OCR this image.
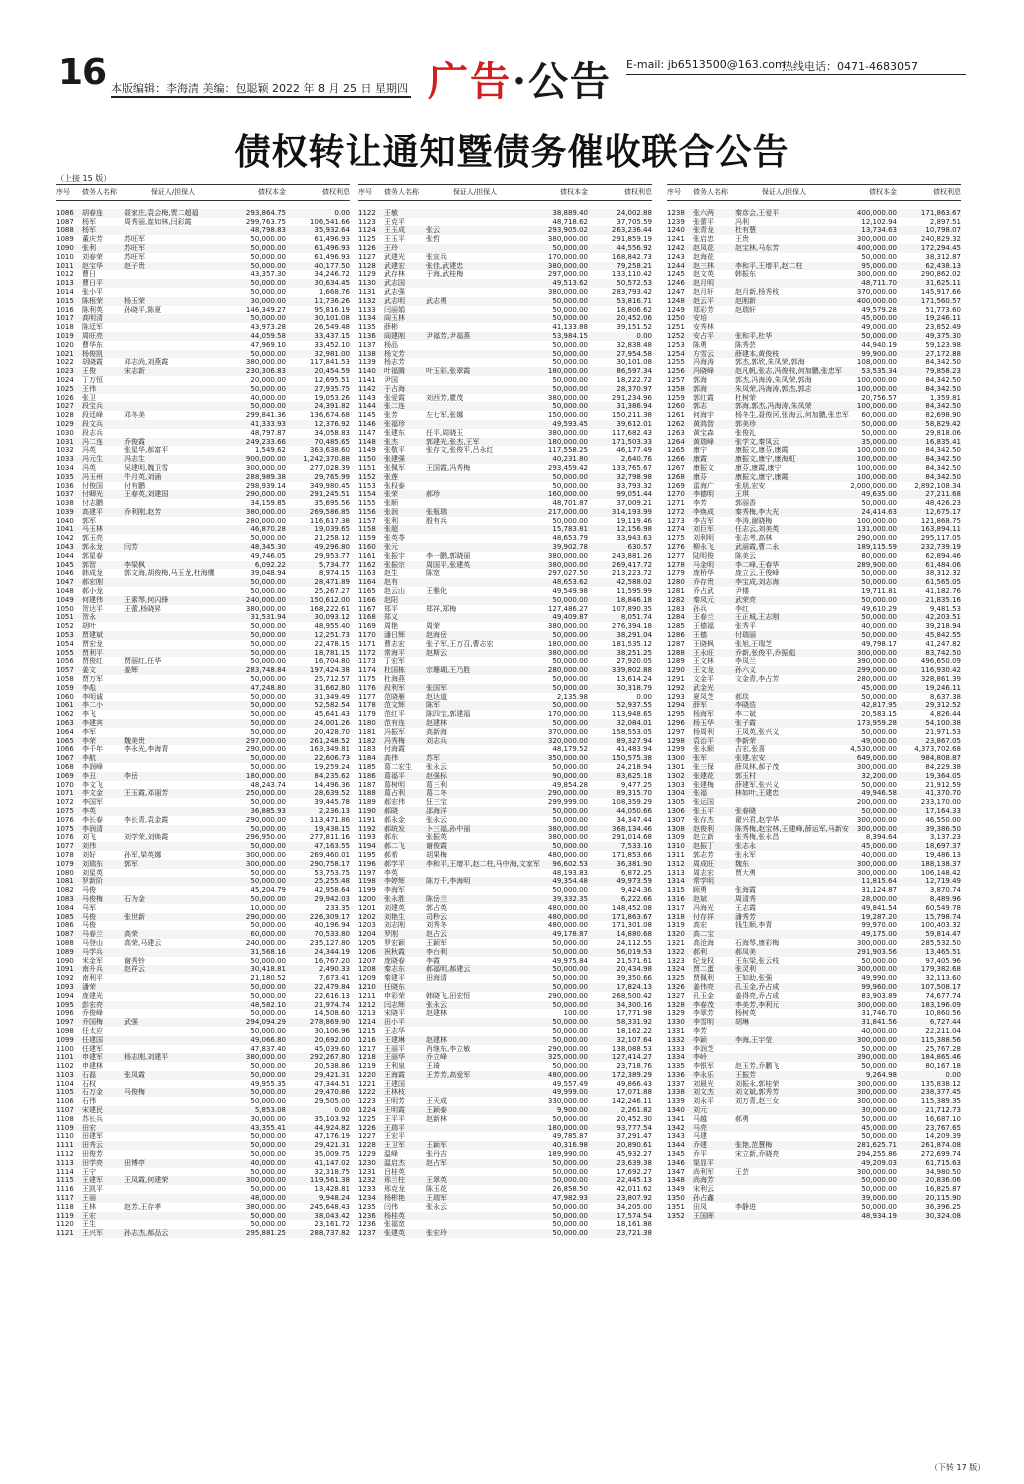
16 本版编辑：李海清 美编：包聪颖 2022 年 8 月 25 日 星期四 广告·公告 E-mail: jb6513500@163.com
热线电话：0471-4683057
债权转让通知暨债务催收联合公告
（上接 15 版）
序号	债务人名称	保证人/担保人	债权本金	债权利息
1086	胡春连	聂家庄,袁会梅,贾二超福	293,864.75	0.00
1087	杨军	周秀丽,崔如林,闫彩霞	299,763.75	106,541.66
1088	杨军	48,798.83	35,932.64
1089	董庆芳	苏旺军	50,000.00	61,496.93
1090	张利	苏旺军	50,000.00	61,496.93
1010	刘春荣	苏旺军	50,000.00	61,496.93
1011	赵宝华	赵子贵	50,000.00	40,177.50
1012	曹日	43,357.30	34,246.72
1013	曹日平	50,000.00	30,634.45
1014	张小平	50,000.00	1,668.76
1015	陈根荣	杨玉荣	30,000.00	11,736.26
1016	陈利英	孙晓平,陈夏	146,349.27	95,816.19
1017	高明清	50,000.00	30,101.08
1018	陈廷军	43,973.28	26,549.48
1019	周旺亮	44,059.58	33,437.15
1020	曹华东	47,969.10	33,452.10
1021	杨俊凯	50,000.00	32,981.00
1022	胡晓霞	邓志尚,刘燕霞	380,000.00	117,841.53
1023	王俊	宋志新	230,306.83	20,454.59
1024	丁万恒	20,000.00	12,695.51
1025	王伟	50,000.00	27,935.75
1026	张卫	40,000.00	19,053.26
1027	段宝兵	50,000.00	24,391.82
1028	段廷峰	邓冬美	299,841.36	136,674.68
1029	段文兵	41,333.93	12,376.92
1030	段志兵	48,797.87	34,058.83
1031	冯二连	乔俊霞	249,233.66	70,485.65
1032	冯英	张星华,郝富平	1,549.62	363,638.60
1033	冯元生	冯志生	900,000.00	1,242,370.88
1034	冯英	吴建明,魏卫雪	300,000.00	277,028.39
1035	冯玉州	牛月英,刘涌	288,989.38	29,765.99
1036	付俊国	付有鹏	298,939.14	349,980.45
1037	付卿光	王春英,刘建国	290,000.00	291,245.51
1038	付志鹏	34,159.85	35,695.56
1039	高建平	乔利刚,赵芳	380,000.00	269,586.85
1040	郭军	280,000.00	116,617.38
1041	马玉林	46,870.28	19,039.65
1042	郭玉亮	50,000.00	21,258.12
1043	郭永龙	闫芳	48,345.30	49,296.80
1044	郭星春	49,746.05	29,953.77
1045	郭智	李梁枫	6,092.22	5,734.77
1046	韩成龙	郭文海,胡俊梅,马玉龙,杜海鹰	39,048.94	8,974.15
1047	郝宏刚	50,000.00	28,471.89
1048	郝小龙	50,000.00	25,267.27
1049	何建伟	王素琴,何闪锋	240,000.00	150,612.00
1050	贺达平	王蕾,杨晓昇	380,000.00	168,222.61
1051	贺永	31,531.94	30,093.12
1052	胡叶	50,000.00	48,955.40
1053	贾建斌	50,000.00	12,251.73
1054	贾宏龙	50,000.00	22,478.15
1055	贾利平	50,000.00	18,781.15
1056	贾俊红	贾丽红,任华	50,000.00	16,704.80
1057	姜文	姜辉	283,748.84	197,424.38
1058	贾万军	50,000.00	25,712.57
1059	李彪	47,248.80	31,662.80
1060	李明诚	50,000.00	31,349.49
1061	李二小	50,000.00	52,582.54
1062	李飞	50,000.00	45,641.43
1063	李建宾	50,000.00	24,001.26
1064	李军	50,000.00	20,428.70
1065	李荣	魏美贵	297,000.00	261,248.52
1066	李千年	李永光,李海青	290,000.00	163,349.81
1067	李航	50,000.00	22,606.73
1068	李润峰	50,000.00	19,259.24
1069	李丑	李岳	180,000.00	84,235.62
1070	李文飞	48,243.74	14,496.36
1071	李文金	王玉霞,邓丽芳	250,000.00	28,639.52
1072	李国军	50,000.00	39,445.78
1075	李英	36,885.93	2,236.13
1076	李长春	李长青,袁金霞	290,000.00	113,471.86
1075	李润清	50,000.00	19,438.15
1076	刘飞	刘学荣,刘焕霞	296,950.00	277,811.16
1077	刘伟	50,000.00	47,163.55
1078	刘好	孙军,梁英娜	300,000.00	269,460.01
1079	刘瑞东	郭军	300,000.00	290,758.17
1080	刘星英	50,000.00	53,753.75
1081	罗新阶	50,000.00	25,255.48
1082	马俊	45,204.79	42,958.64
1083	马俊梅	石为金	50,000.00	29,942.03
1084	马军	10,000.00	233.35
1085	马俊	张世新	290,000.00	226,309.17
1086	马俊	50,000.00	40,196.94
1087	马春兰	高荣	60,000.00	70,533.80
1088	马登山	高荣,马建云	240,000.00	235,127.80
1089	马学兵	31,568.16	24,344.19
1090	米金军	谢秀铃	50,000.00	16,767.20
1091	南升兵	赵祥云	30,418.81	2,490.33
1092	南利平	21,180.52	7,673.41
1093	潘荣	50,000.00	22,479.84
1094	庞建光	50,000.00	22,616.13
1095	彭宏亮	48,582.10	21,974.74
1096	乔俊峰	50,000.00	14,508.60
1097	乔国梅	武强	294,094.29	278,869.90
1098	任太应	50,000.00	30,106.96
1099	任建国	49,066.80	20,692.00
1100	任建军	47,837.40	45,039.60
1101	申建军	杨志刚,刘建平	380,000.00	292,267.80
1102	申建林	50,000.00	20,538.86
1103	石磊	张凤霞	50,000.00	29,421.31
1104	石权	49,955.35	47,344.51
1105	石万金	马俊梅	50,000.00	29,470.86
1106	石伟	50,000.00	29,505.00
1107	宋建民	5,853.08	0.00
1108	苏长兵	30,000.00	35,103.92
1109	田宏	43,355.41	44,924.82
1110	田建军	50,000.00	47,176.19
1111	田秀云	50,000.00	29,421.31
1112	田俊芳	50,000.00	35,009.75
1113	田学亮	田博亭	40,000.00	41,147.02
1114	王宁	50,000.00	32,318.75
1115	王建军	王凤霞,何建荣	300,000.00	119,561.38
1116	王凯平	50,000.00	13,428.81
1117	王丽	48,000.00	9,948.24
1118	王林	赵芳,王存孝	380,000.00	245,648.43
1119	王宏	50,000.00	38,043.42
1120	王生	50,000.00	23,161.72
1121	王兴军	孙志杰,郝品云	295,881.25	288,737.82
序号	债务人名称	保证人/担保人	债权本金	债权利息
1122	王敏	38,889.40	24,002.88
1123	王克平	48,718.62	37,705.59
1124	王玉成	张云	293,905.02	263,236.44
1125	王玉平	张哲	380,000.00	291,859.19
1126	王玲	50,000.00	44,556.92
1127	武建光	张宣兵	170,000.00	168,842.73
1128	武建宏	张佳,武建忠	380,000.00	79,258.21
1129	武存林	于海,武桂梅	297,000.00	133,110.42
1130	武志国	49,513.62	50,572.53
1131	武志强	380,000.00	283,793.42
1132	武志明	武志勇	50,000.00	53,816.71
1133	闫丽娟	50,000.00	18,806.62
1134	阎玉林	50,000.00	20,452.06
1135	薛彬	41,133.88	39,151.52
1136	阎建刚	尹福芳,尹福燕	53,984.15	0.00
1137	杨品	50,000.00	32,838.48
1138	杨文芳	50,000.00	27,954.58
1139	杨志芳	50,000.00	30,101.08
1140	叶福腾	叶玉彩,张翠霞	180,000.00	86,597.34
1141	尹国	50,000.00	18,222.72
1142	于占海	50,000.00	28,370.97
1143	张爱霞	刘西芳,瞿茂	380,000.00	291,234.96
1144	张二连	50,000.00	31,386.94
1145	张芳	左七军,张娜	150,000.00	150,211.38
1146	张福珍	49,593.45	39,612.01
1147	张建东	任平,周晓玉	380,000.00	117,682.43
1148	张杰	郭建光,张杰,王军	180,000.00	171,503.33
1149	张敬平	张存文,张俊平,吕永红	117,558.25	46,177.49
1150	张建强	40,231.80	2,640.76
1151	张佩军	王国霞,冯秀梅	293,459.42	133,765.67
1152	张莲	50,000.00	32,798.98
1153	张权泰	50,000.00	33,793.32
1154	张荣	郝珍	160,000.00	99,051.44
1155	张顺	48,701.87	37,009.21
1156	张润	张瓶瑞	217,000.00	314,193.99
1157	张利	殷有兵	50,000.00	19,119.46
1158	张超	15,783.81	12,156.98
1159	张英苓	48,653.79	33,943.63
1160	张元	39,902.78	630.57
1161	张振宇	李一鹏,郭晓丽	380,000.00	243,881.26
1162	张振宗	周国平,张建英	380,000.00	269,417.72
1163	赵生	陈宽	297,027.50	213,223.72
1164	赵有	48,653.62	42,588.02
1165	赵云山	王雅化	49,549.98	11,595.99
1166	赵阳	50,000.00	18,846.18
1167	郑平	郑祥,郑梅	127,486.27	107,890.35
1168	郑义	49,409.87	8,051.74
1169	周艳	周荣	380,000.00	276,394.18
1170	潘日辉	赵海岳	50,000.00	38,291.04
1171	曹志宏	张子军,王万召,曹志宏	180,000.00	181,535.12
1172	常海平	赵斯云	380,000.00	38,251.25
1173	丁宏军	50,000.00	27,920.05
1174	杜国栋	宗珊瑚,王乃胜	280,000.00	339,802.88
1175	杜海燕	50,000.00	13,614.24
1176	段利军	张国军	50,000.00	30,318.79
1177	范晓雁	赵达道	2,135.98	0.00
1178	范文辉	陈军	50,000.00	52,937.55
1179	范红平	陈四宝,郭建福	170,000.00	113,948.65
1180	范有连	赵建林	50,000.00	32,084.01
1181	冯振军	高新海	370,000.00	158,553.05
1182	冯秀梅	刘志兵	320,000.00	89,327.94
1183	付海霞	48,179.52	41,483.94
1184	高伟	苏军	350,000.00	150,575.38
1185	葛二宏生	张永云	50,000.00	24,218.94
1186	葛福平	赵强标	90,000.00	83,625.18
1187	葛树明	葛三利	49,854.28	9,477.25
1188	葛占利	葛二冬	290,000.00	89,315.70
1189	郝宏伟	狂三宝	299,999.00	108,359.29
1190	郝晓	邵海洋	50,000.00	44,050.66
1191	郝永金	张永云	50,000.00	34,347.44
1192	郝统发	卜三福,孙中丽	380,000.00	368,134.46
1193	郝东	张振英	380,000.00	291,014.68
1194	郝二飞	谢俊霞	50,000.00	7,533.16
1195	郝希	胡果梅	480,000.00	171,853.66
1196	郝学平	李和平,王增平,赵二柱,马中海,文家军	96,602.53	36,381.90
1197	李英	48,193.83	6,872.25
1198	李婷辉	陈万千,李海明	49,354.48	49,973.59
1199	李海军	50,000.00	9,424.36
1200	张永胜	陈岳兰	39,332.35	6,222.66
1201	刘建英	郭占英	480,000.00	148,452.08
1202	刘艳生	司秒云	480,000.00	171,863.67
1203	刘志刚	刘秀冬	480,000.00	171,301.08
1204	罗刚	赵占云	49,178.87	14,880.68
1205	罗宏颖	王颖军	50,000.00	24,112.55
1206	祝秋霞	李台利	50,000.00	56,019.53
1207	庞晓春	李霞	49,975.84	21,571.61
1208	秦志东	郝福明,郝建云	50,000.00	20,434.98
1209	秦建平	田海清	50,000.00	39,350.66
1210	任晓东	50,000.00	17,824.13
1211	申彩荣	韩晓飞,田宏恒	290,000.00	268,500.42
1212	闫志辉	张永云	50,000.00	34,300.16
1213	宋晓平	赵建林	100.00	17,771.98
1214	田小平	50,000.00	58,331.92
1215	王志华	50,000.00	18,162.22
1216	王建琳	赵建林	50,000.00	32,107.64
1217	王丽平	肖继东,李立敏	290,000.00	138,088.53
1218	王丽华	乔立峰	325,000.00	127,414.27
1219	王利泉	王琦	50,000.00	23,718.76
1220	王海霞	王芳芳,高爱军	480,000.00	172,389.29
1221	王建国	49,557.49	49,866.43
1222	王林枝	49,999.00	17,071.88
1223	王明芳	王天成	330,000.00	142,246.11
1224	王明霞	王颖泰	9,900.00	2,261.82
1225	王平平	赵新林	50,000.00	20,452.30
1226	王瑞平	180,000.00	93,777.54
1227	王宏平	49,785.87	37,291.47
1228	王卫军	王颖军	40,316.98	20,890.61
1229	温峰	张丹吉	189,990.00	45,932.27
1230	温启杰	赵占军	50,000.00	23,639.38
1231	吕桂英	50,000.00	17,692.27
1232	邢兰柱	王翠英	50,000.00	22,445.13
1233	邢克龙	陈玉花	26,858.50	42,011.62
1234	杨彬艳	王瑞军	47,982.93	23,807.92
1235	闫伟	张永云	50,000.00	34,205.00
1236	杨桂英	50,000.00	17,574.54
1236	张福宽	50,000.00	18,161.88
1237	张建英	张宏玲	50,000.00	23,721.38
序号	债务人名称	保证人/担保人	债权本金	债权利息
1238	张六两	秦彦会,王爱平	400,000.00	171,863.67
1239	张蕾平	冯利	12,102.94	2,897.51
1240	张青龙	杜有慧	13,734.63	10,798.07
1241	张启忠	王贵	300,000.00	240,829.32
1242	赵凤花	赵宝林,马东芳	400,000.00	172,294.45
1243	赵海花	50,000.00	38,312.87
1244	赵三林	李和平,王增平,赵二柱	95,000.00	62,438.13
1245	赵文英	韩振东	300,000.00	290,862.02
1246	赵月明	48,711.70	31,625.11
1247	赵月轩	赵月新,杨秀枝	370,000.00	145,917.66
1248	赵云平	赵刚新	400,000.00	171,560.57
1249	郑彩芳	赵瑞轩	49,579.28	51,773.60
1250	安培	45,000.00	19,246.11
1251	安秀林	49,000.00	23,852.49
1252	安占平	张和平,杜华	50,000.00	49,375.30
1253	陈勇	陈秀芸	44,940.19	59,123.98
1254	方雪云	薛建本,黄俊枝	99,900.00	27,172.88
1255	冯海涛	郭杰,郭欣,朱凤荣,郭海	108,000.00	84,342.50
1256	冯晓峰	赵凡帆,张志,冯俊枝,何加鹏,张忠军	53,535.34	79,858.23
1257	郭海	郭杰,冯海涛,朱凤荣,郭海	100,000.00	84,342.50
1258	郭海	朱凤荣,冯海涛,郭杰,郭志	100,000.00	84,342.50
1259	郭红霞	杜树荣	20,756.57	1,359.81
1260	郭志	郭海,郭杰,冯海涛,朱凤荣	100,000.00	84,342.50
1261	何海宇	杨冬生,聂俊河,张海云,何加鹏,张忠军	60,000.00	82,698.90
1262	黄鸿智	郭美珍	50,000.00	58,829.42
1263	黄宝森	张俊礼	50,000.00	29,818.06
1264	黄瑞峰	张学文,秦凤云	35,000.00	16,835.41
1265	康宁	康振文,康芬,康霞	100,000.00	84,342.50
1266	康霞	康振文,康宁,康海虹	100,000.00	84,342.50
1267	康振文	康芬,康霞,康宁	100,000.00	84,342.50
1268	康芬	康振文,康宁,康霞	100,000.00	84,342.50
1269	雷海广	张朋,宏安	2,000,000.00	2,892,108.34
1270	李德明	王琪	49,635.00	27,211.68
1271	李芳	郭丽香	50,000.00	48,426.23
1272	李焕成	秦秀梅,李大光	24,414.63	12,675.17
1273	李吉军	李涛,谢晓梅	100,000.00	121,868.75
1274	刘巨军	任志云,刘美英	131,000.00	163,894.11
1275	刘利明	张志考,高林	290,000.00	295,117.05
1276	柳永飞	武丽霞,曹二永	189,115.59	232,739.19
1277	陆明俊	陈美云	80,000.00	62,894.46
1278	马金明	李二峰,王春华	289,900.00	61,484.06
1279	庞桥华	庞立云,王俊峰	50,000.00	38,312.32
1280	乔存贵	李宝成,刘志海	50,000.00	61,565.05
1281	乔占武	尹楼	19,711.81	41,182.76
1282	秦凤元	武荣亮	50,000.00	21,835.16
1283	孙兵	李红	49,610.29	9,481.53
1284	王春兰	王正城,王志刚	50,000.00	42,203.51
1285	王德福	张秀平	40,000.00	39,218.94
1286	王德	付瑞丽	50,000.00	45,842.55
1287	王晓枫	张旭,王瑞芝	49,798.17	41,247.82
1288	王永旺	乔新,张俊平,乔振彪	300,000.00	83,742.50
1289	王文林	李凤兰	390,000.00	496,650.09
1290	王文龙	孙六义	299,000.00	116,930.42
1291	文金平	文金青,李占芳	280,000.00	328,861.39
1292	武金光	45,000.00	19,246.11
1293	夏凤芝	郝琰	50,000.00	8,637.38
1294	薛军	李晓浩	42,817.95	29,312.52
1295	杨海军	李二斌	20,583.15	4,826.44
1296	杨玉华	张子霞	173,959.28	54,100.38
1297	杨周利	王凤英,张兴义	50,000.00	21,971.53
1298	袁治平	李新荣	49,000.00	23,867.05
1299	张永顺	吉宏,张喜	4,530,000.00	4,373,702.68
1300	张军	张建,宏安	649,000.00	984,808.87
1301	张三保	薛凤林,郝子茂	300,000.00	84,229.38
1302	张建花	郭玉村	32,200.00	19,364.05
1303	张建梅	薛建军,张兴义	50,000.00	21,912.59
1304	张福	林如叶,王建忠	49,946.58	41,370.70
1305	张运国	200,000.00	233,170.00
1306	张玉平	张春晓	50,000.00	17,164.33
1307	张存杰	翟兴君,赵学华	300,000.00	46,550.00
1308	赵俊利	陈秀梅,赵宝林,王建峰,薛运军,马新安	300,000.00	39,386.50
1309	赵立新	张秀梅,张永昌	8,394.64	3,137.23
1310	赵振丁	张志永	45,000.00	18,697.37
1311	郭志芳	张永军	40,000.00	19,486.13
1312	周成旺	魏东	300,000.00	188,138.37
1313	周志宏	贾大勇	300,000.00	106,148.42
1314	常学明	11,815.64	12,719.49
1315	顾勇	张海霞	31,124.87	3,870.74
1316	赵斌	周清秀	28,000.00	8,489.96
1317	冯海光	王志霞	49,841.54	60,549.78
1318	付存祥	潘秀芳	19,287.20	15,798.74
1319	高宏	钱生顺,李青	99,970.00	100,403.32
1320	高二宝	49,175.00	59,814.47
1321	高沧海	石海琴,康彩梅	300,000.00	285,532.50
1322	郝利	郝凤美	291,903.56	13,465.51
1323	纪龙权	王东梁,张云枝	50,000.00	97,405.96
1324	贾二蛋	张灵利	300,000.00	179,382.68
1325	贾佩利	王如助,张强	49,990.00	32,113.60
1326	姜伟亮	孔玉金,乔占成	99,960.00	107,508.17
1327	孔玉金	姜得亮,乔占成	83,903.89	74,677.74
1328	李春茂	李美芳,李利元	300,000.00	183,196.09
1329	李翠芳	杨树英	31,746.70	10,860.56
1330	李雪明	胡琳	31,841.56	6,727.44
1331	李芳	40,000.00	22,211.04
1332	李颖	李海,王宇莹	300,000.00	115,388.56
1333	李润芝	50,000.00	25,767.28
1334	李岭	390,000.00	184,865.46
1335	李银军	赵玉芳,乔鹏飞	50,000.00	80,167.18
1336	李永乐	王振芳	9,264.98	0.00
1337	刘晨光	刘振永,郭桂荣	300,000.00	135,838.12
1338	刘文杰	刘文斌,郭秀芳	300,000.00	238,377.45
1339	刘永平	刘万青,赵三女	300,000.00	115,389.35
1340	刘元	30,000.00	21,712.73
1341	马越	郝勇	50,000.00	16,687.10
1342	马亮	45,000.00	23,767.65
1343	马建	50,000.00	14,209.39
1344	乔建	张艳,范慧梅	281,625.71	261,874.08
1345	乔平	宋立新,乔晓亮	294,255.86	272,699.74
1346	渠显平	49,209.03	61,715.63
1347	尚利军	王芸	300,000.00	34,980.50
1348	尚海芳	50,000.00	20,836.06
1349	宋利云	50,000.00	16,825.87
1350	孙占鑫	39,000.00	20,115.90
1351	田凤	李静进	50,000.00	36,396.25
1352	王国晖	48,934.19	30,324.08
（下转 17 版）
